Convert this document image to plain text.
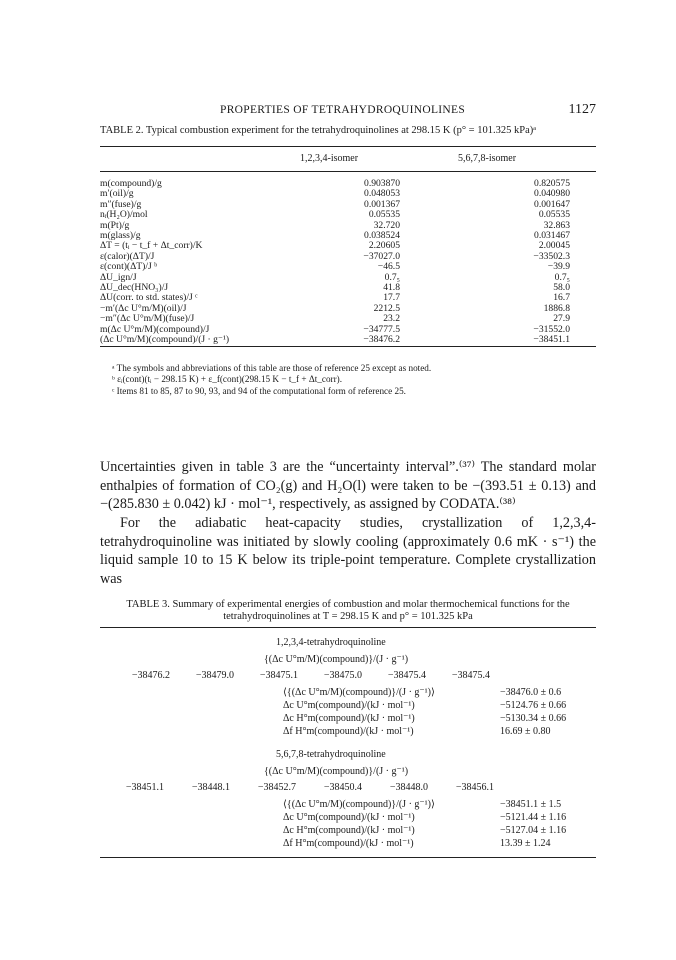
PROPERTIES OF TETRAHYDROQUINOLINES	1127
TABLE 2. Typical combustion experiment for the tetrahydroquinolines at 298.15 K (p° = 101.325 kPa)ᵃ
1,2,3,4-isomer	5,6,7,8-isomer
m(compound)/g	0.903870	0.820575
m′(oil)/g	0.048053	0.040980
m″(fuse)/g	0.001367	0.001647
nᵢ(H₂O)/mol	0.05535	0.05535
m(Pt)/g	32.720	32.863
m(glass)/g	0.038524	0.031467
ΔT = (tᵢ − t_f + Δt_corr)/K	2.20605	2.00045
ε(calor)(ΔT)/J	−37027.0	−33502.3
ε(cont)(ΔT)/J ᵇ	−46.5	−39.9
ΔU_ign/J	0.7₅	0.7₅
ΔU_dec(HNO₃)/J	41.8	58.0
ΔU(corr. to std. states)/J ᶜ	17.7	16.7
−m′(Δc U°m/M)(oil)/J	2212.5	1886.8
−m″(Δc U°m/M)(fuse)/J	23.2	27.9
m(Δc U°m/M)(compound)/J	−34777.5	−31552.0
(Δc U°m/M)(compound)/(J · g⁻¹)	−38476.2	−38451.1
ᵃ The symbols and abbreviations of this table are those of reference 25 except as noted.
ᵇ εᵢ(cont)(tᵢ − 298.15 K) + ε_f(cont)(298.15 K − t_f + Δt_corr).
ᶜ Items 81 to 85, 87 to 90, 93, and 94 of the computational form of reference 25.
Uncertainties given in table 3 are the “uncertainty interval”.⁽³⁷⁾ The standard molar enthalpies of formation of CO₂(g) and H₂O(l) were taken to be −(393.51 ± 0.13) and −(285.830 ± 0.042) kJ · mol⁻¹, respectively, as assigned by CODATA.⁽³⁸⁾
For the adiabatic heat-capacity studies, crystallization of 1,2,3,4-tetrahydroquinoline was initiated by slowly cooling (approximately 0.6 mK · s⁻¹) the liquid sample 10 to 15 K below its triple-point temperature. Complete crystallization was
TABLE 3. Summary of experimental energies of combustion and molar thermochemical functions for the
tetrahydroquinolines at T = 298.15 K and p° = 101.325 kPa
1,2,3,4-tetrahydroquinoline
{(Δc U°m/M)(compound)}/(J · g⁻¹)
−38476.2	−38479.0	−38475.1	−38475.0	−38475.4	−38475.4
⟨{(Δc U°m/M)(compound)}/(J · g⁻¹)⟩	−38476.0 ± 0.6
Δc U°m(compound)/(kJ · mol⁻¹)	−5124.76 ± 0.66
Δc H°m(compound)/(kJ · mol⁻¹)	−5130.34 ± 0.66
Δf H°m(compound)/(kJ · mol⁻¹)	16.69 ± 0.80
5,6,7,8-tetrahydroquinoline
{(Δc U°m/M)(compound)}/(J · g⁻¹)
−38451.1	−38448.1	−38452.7	−38450.4	−38448.0	−38456.1
⟨{(Δc U°m/M)(compound)}/(J · g⁻¹)⟩	−38451.1 ± 1.5
Δc U°m(compound)/(kJ · mol⁻¹)	−5121.44 ± 1.16
Δc H°m(compound)/(kJ · mol⁻¹)	−5127.04 ± 1.16
Δf H°m(compound)/(kJ · mol⁻¹)	13.39 ± 1.24
